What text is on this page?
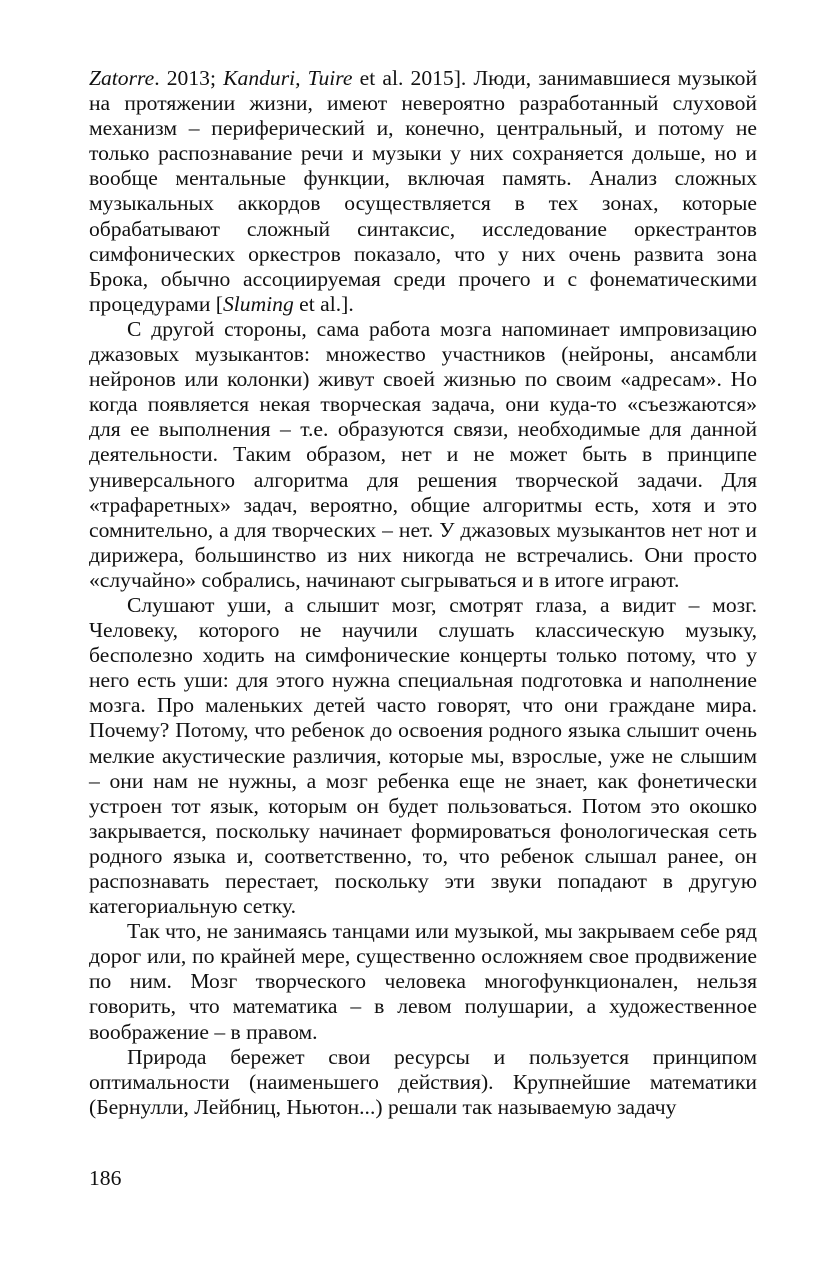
Zatorre. 2013; Kanduri, Tuire et al. 2015]. Люди, занимавшиеся музыкой на протяжении жизни, имеют невероятно разработанный слуховой механизм – периферический и, конечно, центральный, и потому не только распознавание речи и музыки у них сохраняется дольше, но и вообще ментальные функции, включая память. Анализ сложных музыкальных аккордов осуществляется в тех зонах, которые обрабатывают сложный синтаксис, исследование оркестрантов симфонических оркестров показало, что у них очень развита зона Брока, обычно ассоциируемая среди прочего и с фонематическими процедурами [Sluming et al.].

С другой стороны, сама работа мозга напоминает импровизацию джазовых музыкантов: множество участников (нейроны, ансамбли нейронов или колонки) живут своей жизнью по своим «адресам». Но когда появляется некая творческая задача, они куда-то «съезжаются» для ее выполнения – т.е. образуются связи, необходимые для данной деятельности. Таким образом, нет и не может быть в принципе универсального алгоритма для решения творческой задачи. Для «трафаретных» задач, вероятно, общие алгоритмы есть, хотя и это сомнительно, а для творческих – нет. У джазовых музыкантов нет нот и дирижера, большинство из них никогда не встречались. Они просто «случайно» собрались, начинают сыгрываться и в итоге играют.

Слушают уши, а слышит мозг, смотрят глаза, а видит – мозг. Человеку, которого не научили слушать классическую музыку, бесполезно ходить на симфонические концерты только потому, что у него есть уши: для этого нужна специальная подготовка и наполнение мозга. Про маленьких детей часто говорят, что они граждане мира. Почему? Потому, что ребенок до освоения родного языка слышит очень мелкие акустические различия, которые мы, взрослые, уже не слышим – они нам не нужны, а мозг ребенка еще не знает, как фонетически устроен тот язык, которым он будет пользоваться. Потом это окошко закрывается, поскольку начинает формироваться фонологическая сеть родного языка и, соответственно, то, что ребенок слышал ранее, он распознавать перестает, поскольку эти звуки попадают в другую категориальную сетку.

Так что, не занимаясь танцами или музыкой, мы закрываем себе ряд дорог или, по крайней мере, существенно осложняем свое продвижение по ним. Мозг творческого человека многофункционален, нельзя говорить, что математика – в левом полушарии, а художественное воображение – в правом.

Природа бережет свои ресурсы и пользуется принципом оптимальности (наименьшего действия). Крупнейшие математики (Бернулли, Лейбниц, Ньютон...) решали так называемую задачу

186
